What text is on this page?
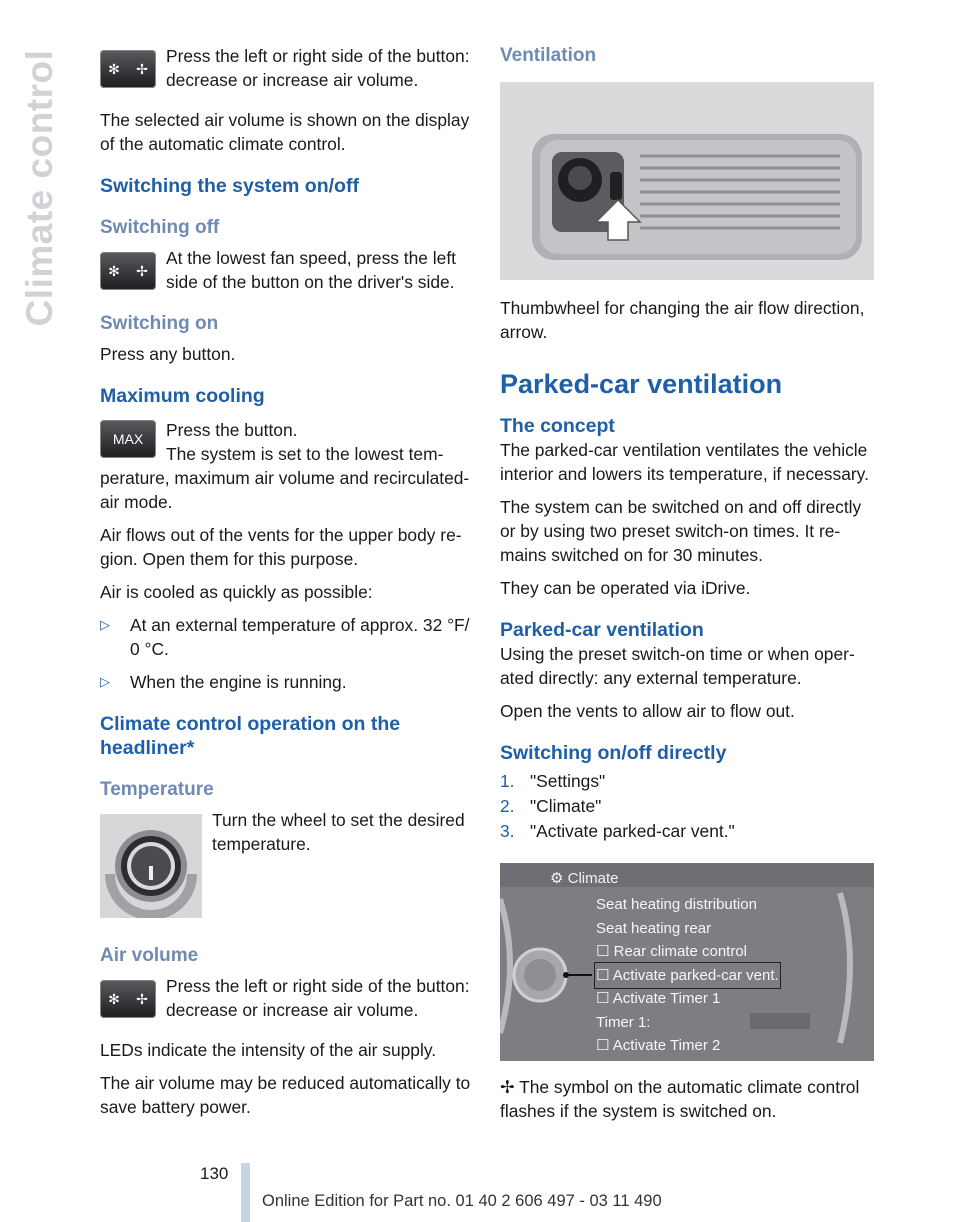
Climate control	✻ ✢
Press the left or right side of the button: decrease or increase air volume.

The selected air volume is shown on the display of the automatic climate control.

Switching the system on/off
Switching off
✻ ✢
At the lowest fan speed, press the left side of the button on the driver's side.
Switching on

Press any button.

Maximum cooling
MAX Press the button.

The system is set to the lowest tem-perature, maximum air volume and recirculated-air mode.

Air flows out of the vents for the upper body re-gion. Open them for this purpose.

Air is cooled as quickly as possible:

▷	At an external temperature of approx. 32 °F/ 0 °C.
▷	When the engine is running.
Climate control operation on the headliner*
Temperature
Turn the wheel to set the desired temperature.
Air volume
✻ ✢
Press the left or right side of the button: decrease or increase air volume.

LEDs indicate the intensity of the air supply.

The air volume may be reduced automatically to save battery power.

Ventilation

Thumbwheel for changing the air flow direction, arrow.

Parked-car ventilation
The concept

The parked-car ventilation ventilates the vehicle interior and lowers its temperature, if necessary.

The system can be switched on and off directly or by using two preset switch-on times. It re-mains switched on for 30 minutes.

They can be operated via iDrive.

Parked-car ventilation

Using the preset switch-on time or when oper-ated directly: any external temperature.

Open the vents to allow air to flow out.

Switching on/off directly
1. "Settings"
2. "Climate"
3. "Activate parked-car vent."
⚙ Climate
Seat heating distribution
Seat heating rear
☐ Rear climate control
☐ Activate parked-car vent.
☐ Activate Timer 1
Timer 1:
☐ Activate Timer 2

✢ The symbol on the automatic climate control flashes if the system is switched on.

130
Online Edition for Part no. 01 40 2 606 497 - 03 11 490
